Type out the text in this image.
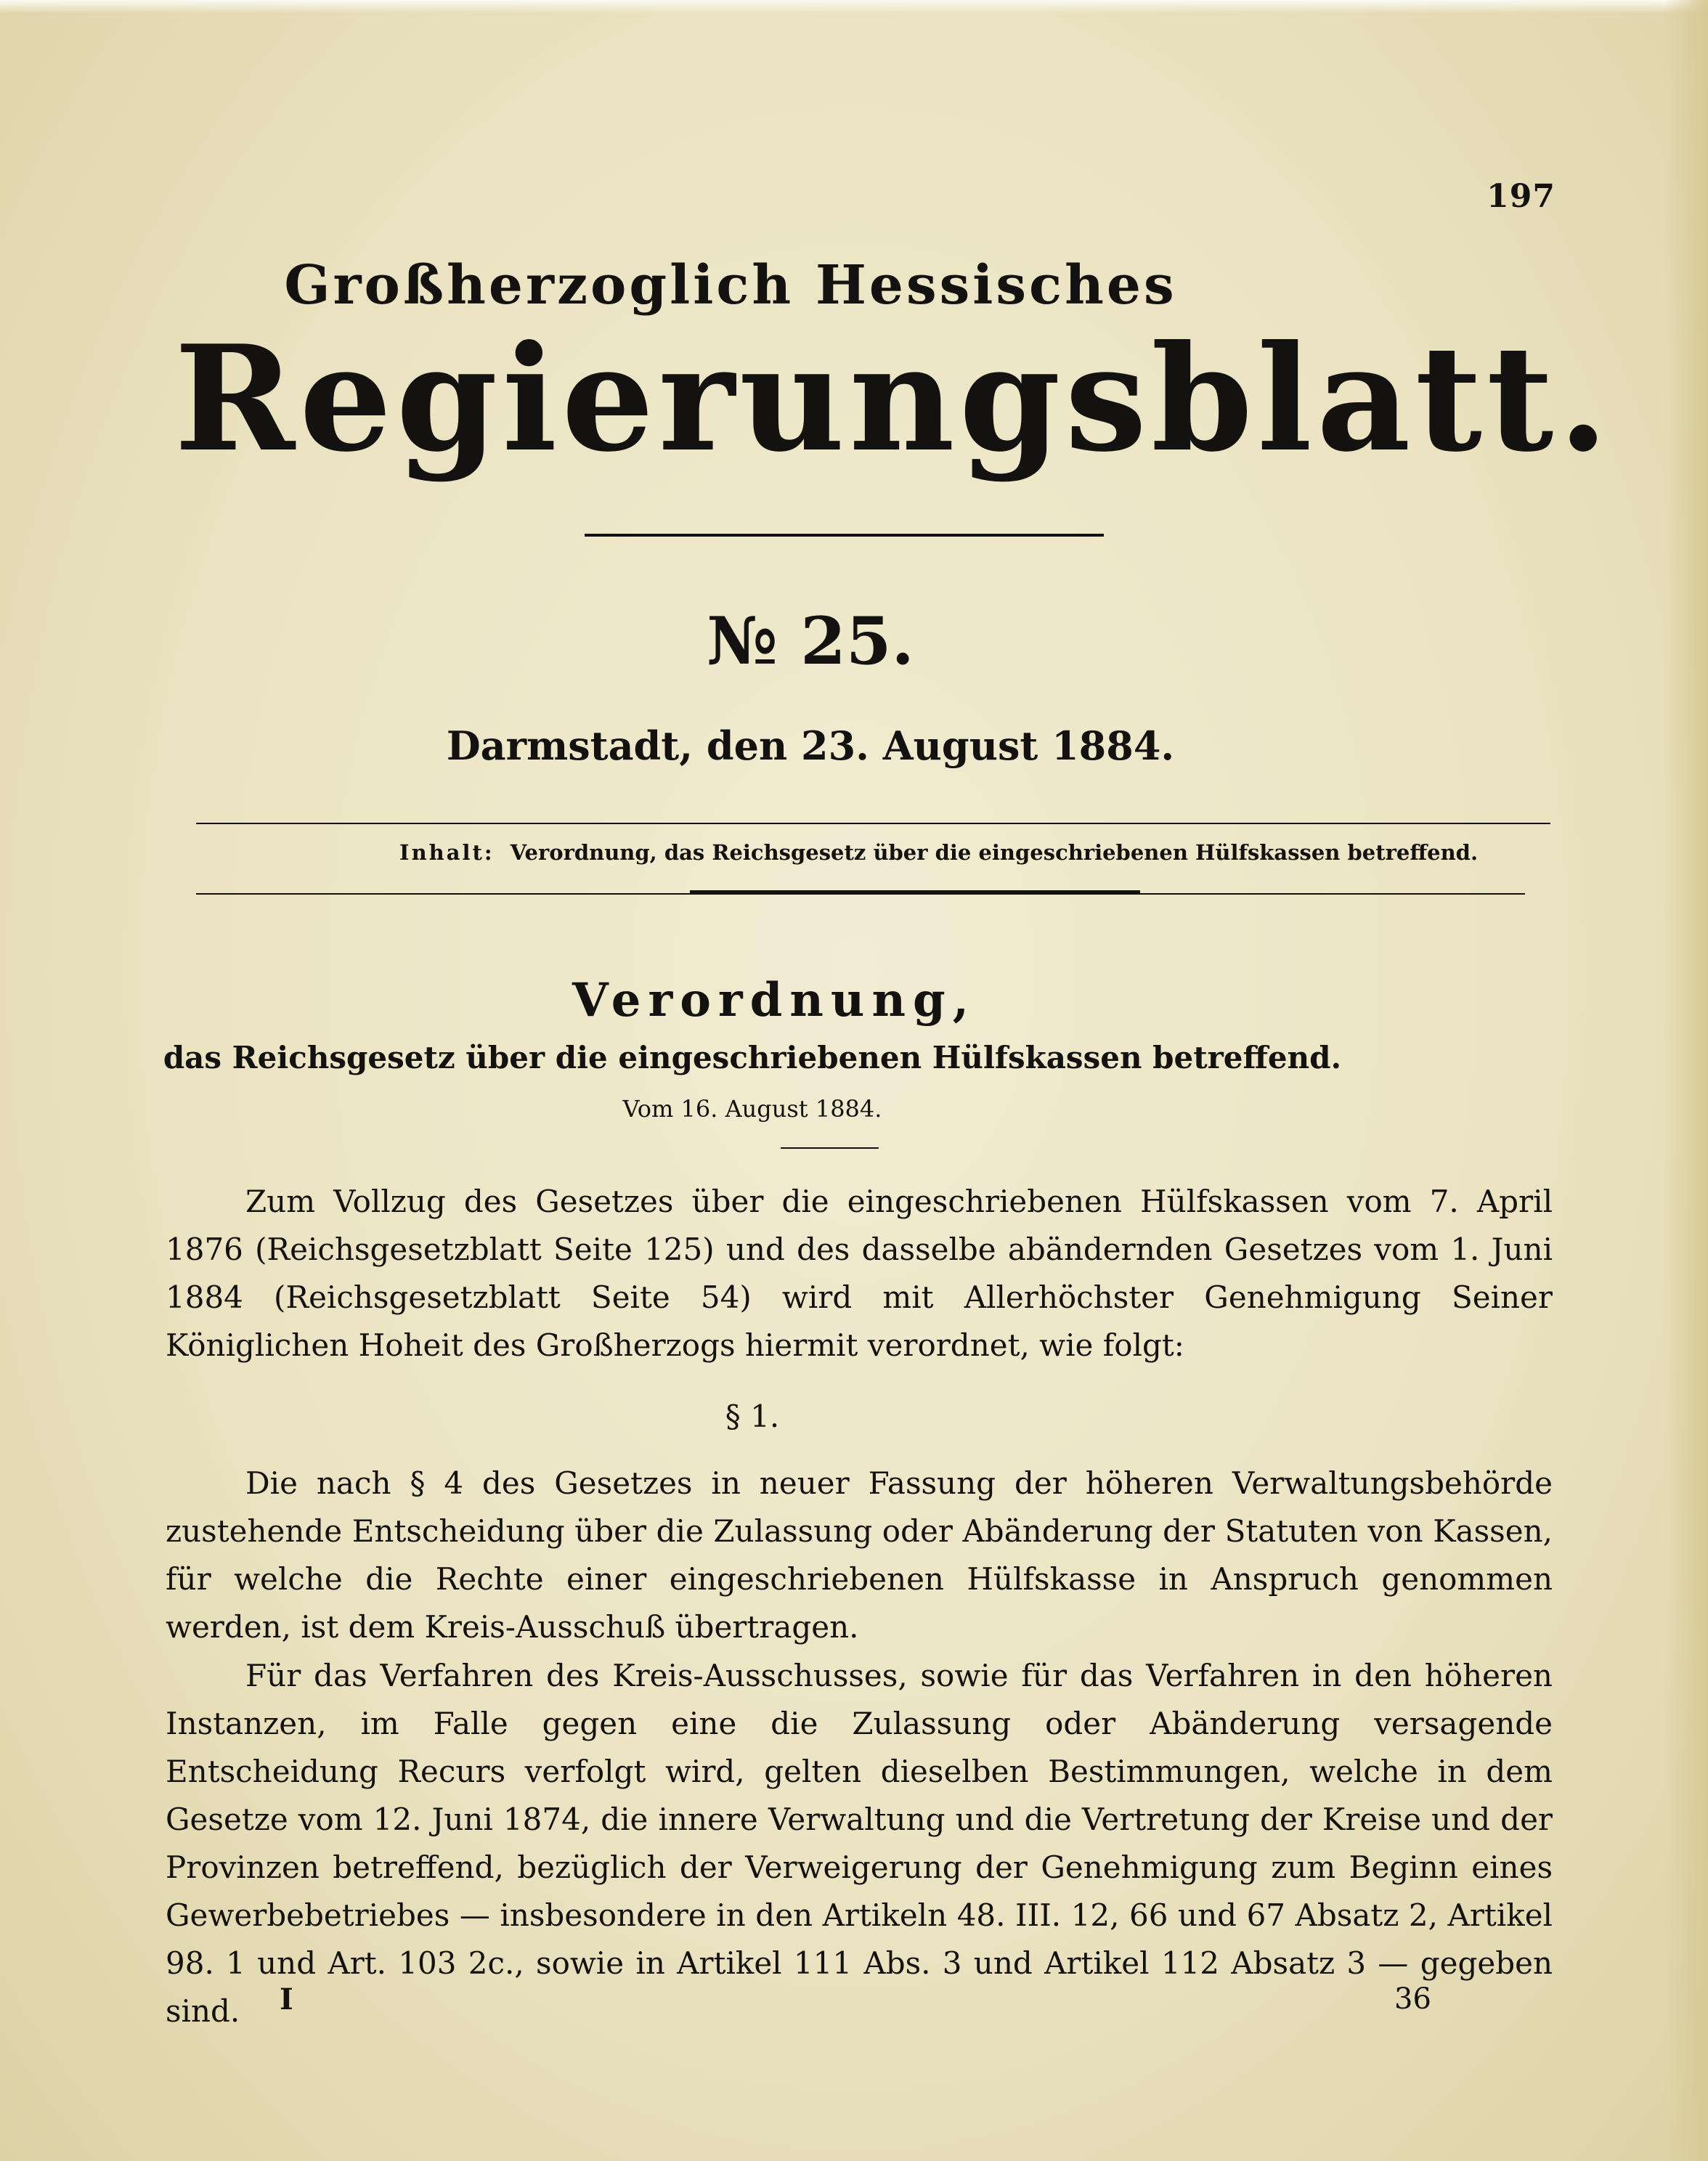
197
Großherzoglich Hessisches
Regierungsblatt.
№ 25.
Darmstadt, den 23. August 1884.
Inhalt: Verordnung, das Reichsgesetz über die eingeschriebenen Hülfskassen betreffend.
Verordnung,
das Reichsgesetz über die eingeschriebenen Hülfskassen betreffend.
Vom 16. August 1884.

Zum Vollzug des Gesetzes über die eingeschriebenen Hülfskassen vom 7. April 1876 (Reichsgesetzblatt Seite 125) und des dasselbe abändernden Gesetzes vom 1. Juni 1884 (Reichsgesetzblatt Seite 54) wird mit Allerhöchster Genehmigung Seiner Königlichen Hoheit des Großherzogs hiermit verordnet, wie folgt:

§ 1.

Die nach § 4 des Gesetzes in neuer Fassung der höheren Verwaltungsbehörde zustehende Entscheidung über die Zulassung oder Abänderung der Statuten von Kassen, für welche die Rechte einer eingeschriebenen Hülfskasse in Anspruch genommen werden, ist dem Kreis-Ausschuß übertragen.

Für das Verfahren des Kreis-Ausschusses, sowie für das Verfahren in den höheren Instanzen, im Falle gegen eine die Zulassung oder Abänderung versagende Entscheidung Recurs verfolgt wird, gelten dieselben Bestimmungen, welche in dem Gesetze vom 12. Juni 1874, die innere Verwaltung und die Vertretung der Kreise und der Provinzen betreffend, bezüglich der Verweigerung der Genehmigung zum Beginn eines Gewerbebetriebes — insbesondere in den Artikeln 48. III. 12, 66 und 67 Absatz 2, Artikel 98. 1 und Art. 103 2c., sowie in Artikel 111 Abs. 3 und Artikel 112 Absatz 3 — gegeben sind.	I	36
